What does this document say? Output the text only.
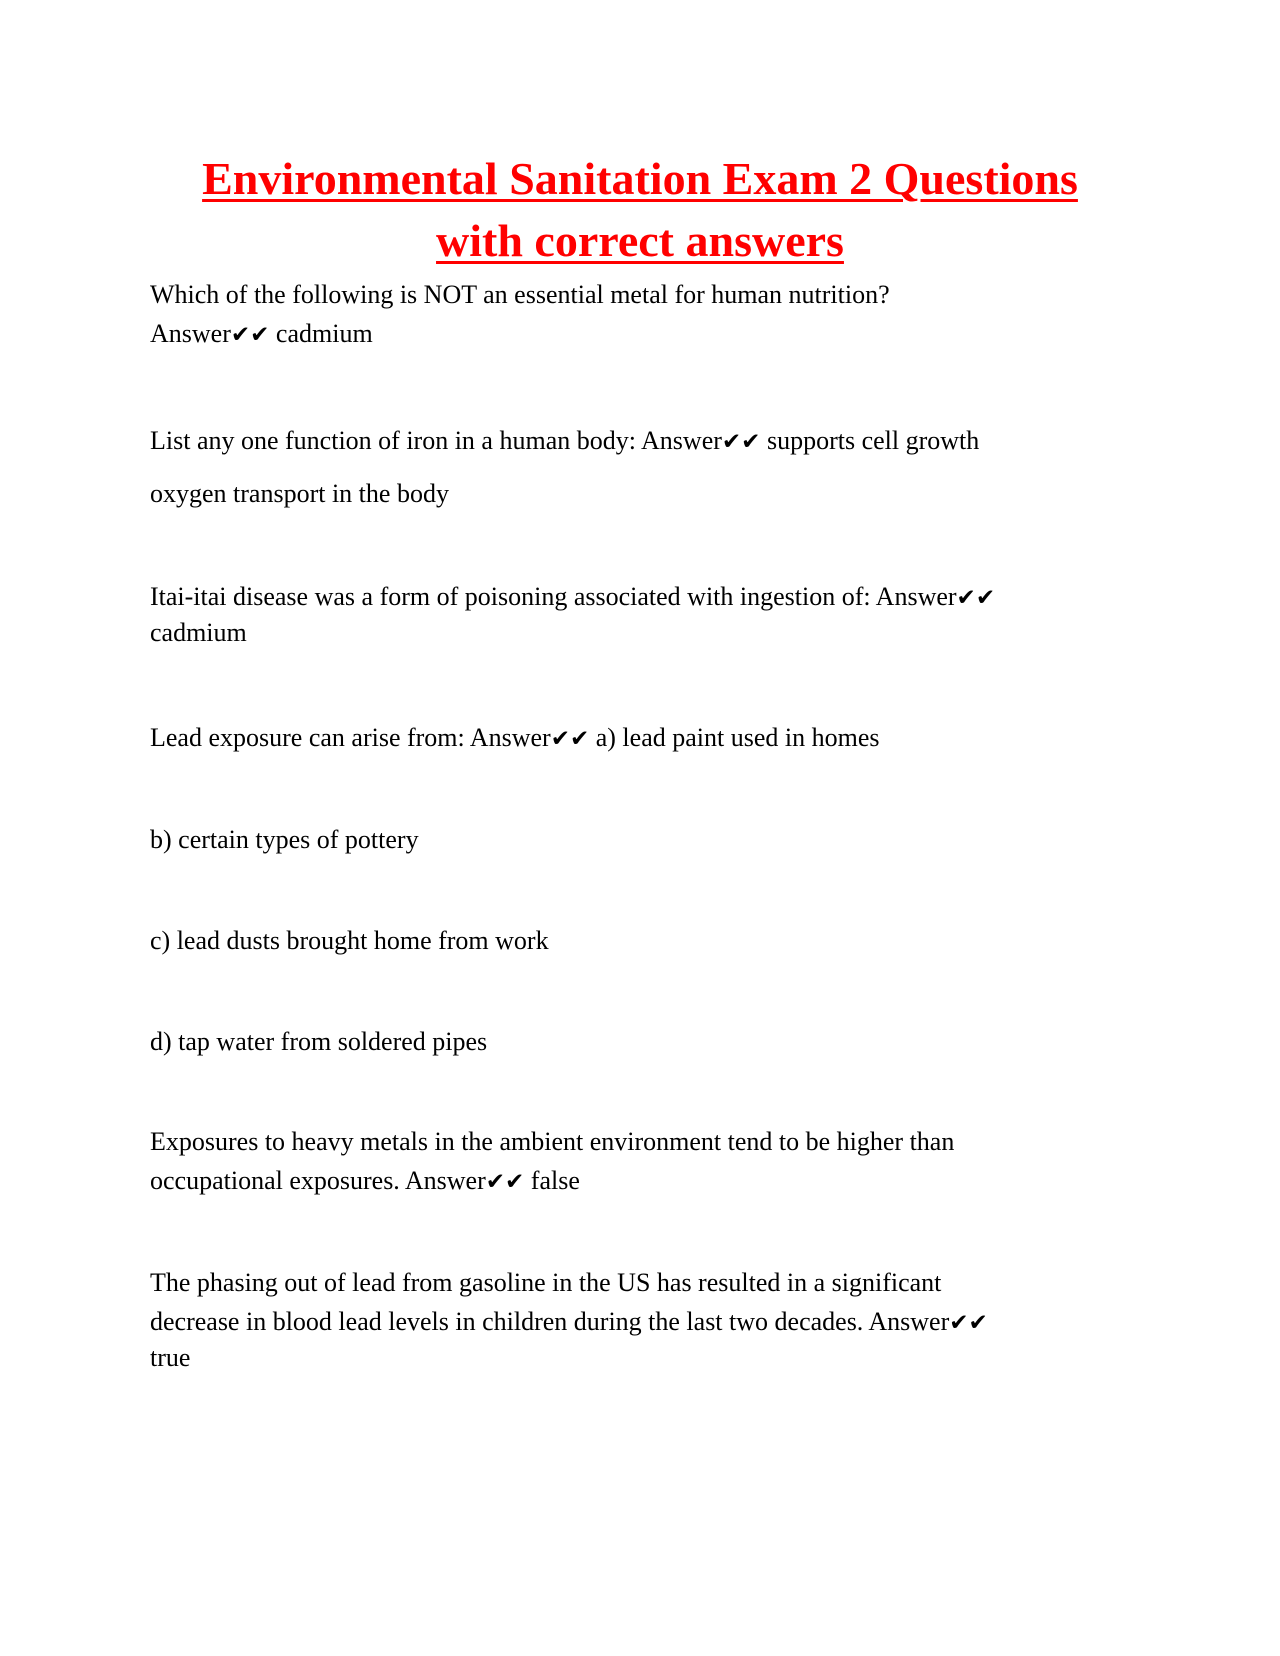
Environmental Sanitation Exam 2 Questions
with correct answers

Which of the following is NOT an essential metal for human nutrition?

Answer✔✔ cadmium

List any one function of iron in a human body: Answer✔✔ supports cell growth

oxygen transport in the body

Itai-itai disease was a form of poisoning associated with ingestion of: Answer✔✔

cadmium

Lead exposure can arise from: Answer✔✔ a) lead paint used in homes

b) certain types of pottery

c) lead dusts brought home from work

d) tap water from soldered pipes

Exposures to heavy metals in the ambient environment tend to be higher than

occupational exposures. Answer✔✔ false

The phasing out of lead from gasoline in the US has resulted in a significant

decrease in blood lead levels in children during the last two decades. Answer✔✔

true
